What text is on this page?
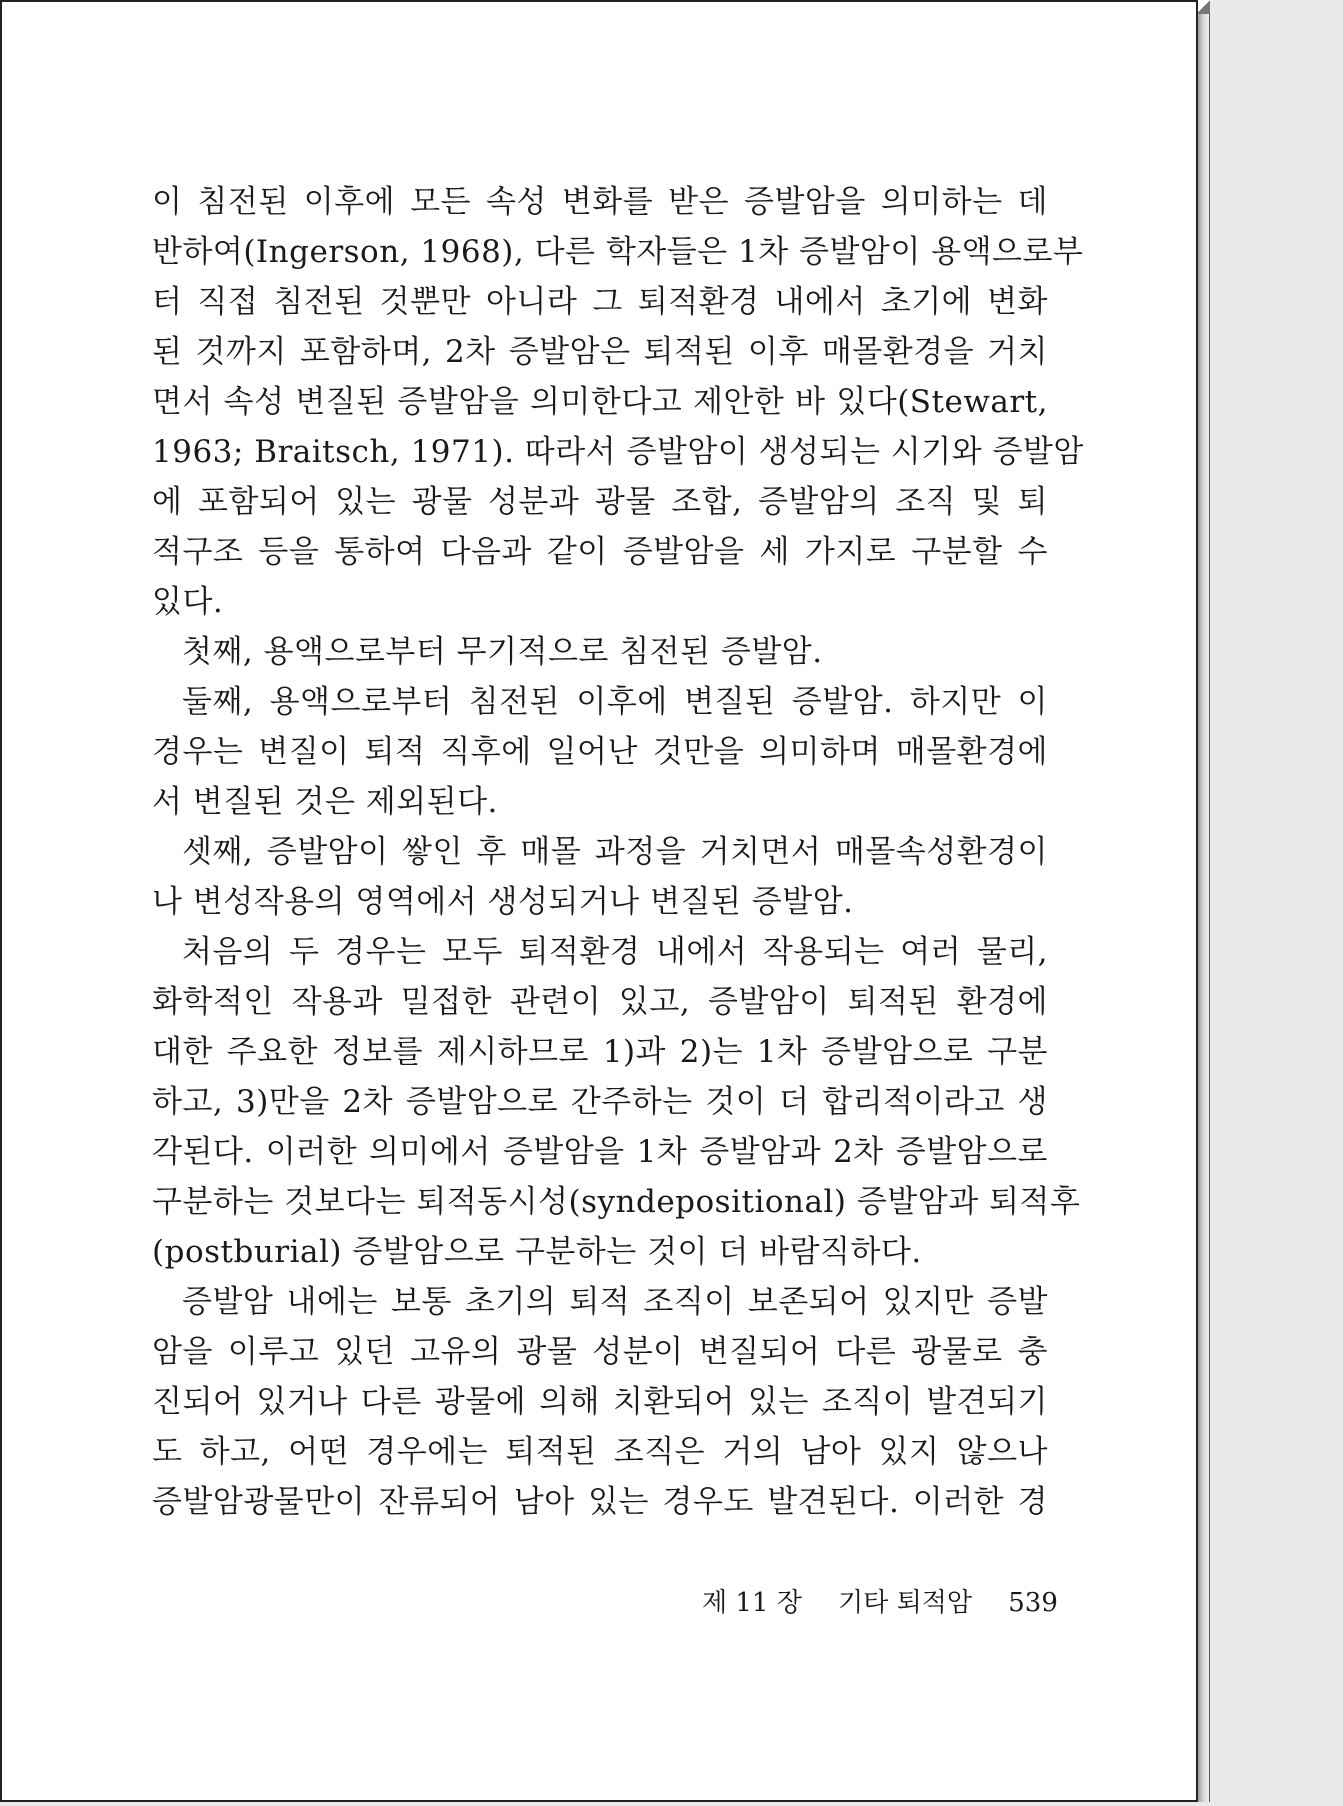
이 침전된 이후에 모든 속성 변화를 받은 증발암을 의미하는 데
반하여(Ingerson, 1968), 다른 학자들은 1차 증발암이 용액으로부
터 직접 침전된 것뿐만 아니라 그 퇴적환경 내에서 초기에 변화
된 것까지 포함하며, 2차 증발암은 퇴적된 이후 매몰환경을 거치
면서 속성 변질된 증발암을 의미한다고 제안한 바 있다(Stewart,
1963; Braitsch, 1971). 따라서 증발암이 생성되는 시기와 증발암
에 포함되어 있는 광물 성분과 광물 조합, 증발암의 조직 및 퇴
적구조 등을 통하여 다음과 같이 증발암을 세 가지로 구분할 수
있다.
첫째, 용액으로부터 무기적으로 침전된 증발암.
둘째, 용액으로부터 침전된 이후에 변질된 증발암. 하지만 이
경우는 변질이 퇴적 직후에 일어난 것만을 의미하며 매몰환경에
서 변질된 것은 제외된다.
셋째, 증발암이 쌓인 후 매몰 과정을 거치면서 매몰속성환경이
나 변성작용의 영역에서 생성되거나 변질된 증발암.
처음의 두 경우는 모두 퇴적환경 내에서 작용되는 여러 물리,
화학적인 작용과 밀접한 관련이 있고, 증발암이 퇴적된 환경에
대한 주요한 정보를 제시하므로 1)과 2)는 1차 증발암으로 구분
하고, 3)만을 2차 증발암으로 간주하는 것이 더 합리적이라고 생
각된다. 이러한 의미에서 증발암을 1차 증발암과 2차 증발암으로
구분하는 것보다는 퇴적동시성(syndepositional) 증발암과 퇴적후
(postburial) 증발암으로 구분하는 것이 더 바람직하다.
증발암 내에는 보통 초기의 퇴적 조직이 보존되어 있지만 증발
암을 이루고 있던 고유의 광물 성분이 변질되어 다른 광물로 충
진되어 있거나 다른 광물에 의해 치환되어 있는 조직이 발견되기
도 하고, 어떤 경우에는 퇴적된 조직은 거의 남아 있지 않으나
증발암광물만이 잔류되어 남아 있는 경우도 발견된다. 이러한 경
제 11 장 기타 퇴적암 539
